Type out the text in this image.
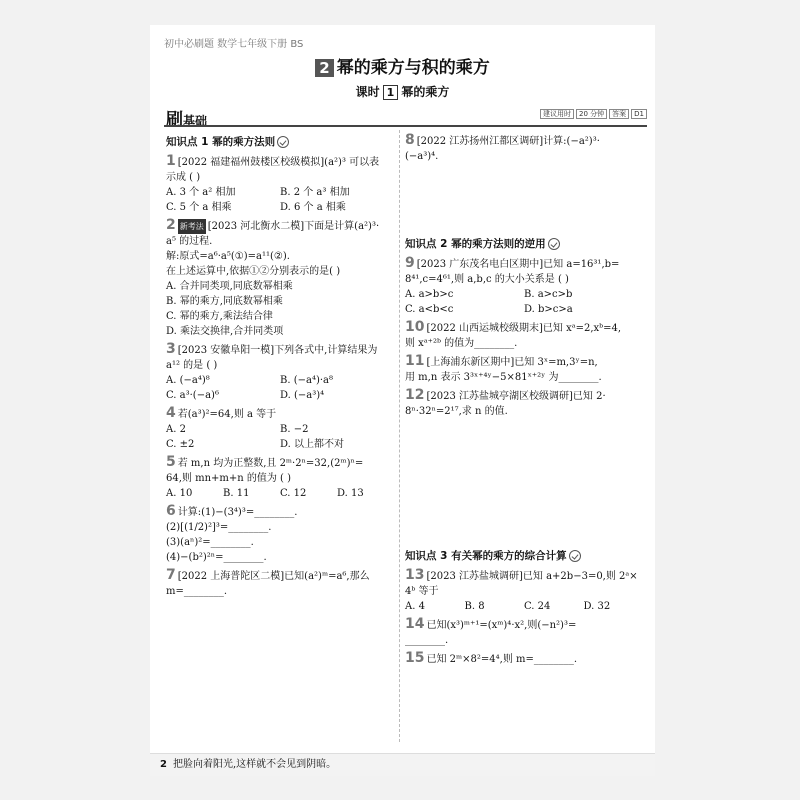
初中必刷题 数学七年级下册 BS
2 幂的乘方与积的乘方
课时 1 幂的乘方
刷基础	建议用时 20 分钟 答案 D1
知识点 1 幂的乘方法则
1 [2022 福建福州鼓楼区校级模拟](a²)³ 可以表
示成 ( )
A. 3 个 a² 相加	B. 2 个 a³ 相加
C. 5 个 a 相乘	D. 6 个 a 相乘
2 新考法 [2023 河北衡水二模]下面是计算(a²)³·
a⁵ 的过程.
解:原式=a⁶·a⁵(①)=a¹¹(②).
在上述运算中,依据①②分别表示的是( )
A. 合并同类项,同底数幂相乘
B. 幂的乘方,同底数幂相乘
C. 幂的乘方,乘法结合律
D. 乘法交换律,合并同类项
3 [2023 安徽阜阳一模]下列各式中,计算结果为
a¹² 的是 ( )
A. (−a⁴)⁸	B. (−a⁴)·a⁸
C. a³·(−a)⁶	D. (−a³)⁴
4 若(a³)²=64,则 a 等于
A. 2	B. −2
C. ±2	D. 以上都不对
5 若 m,n 均为正整数,且 2ᵐ·2ⁿ=32,(2ᵐ)ⁿ=
64,则 mn+m+n 的值为 ( )
A. 10	B. 11	C. 12	D. 13
6 计算:(1)−(3⁴)³=________.
(2)[(1/2)²]³=________.
(3)(aⁿ)²=________.
(4)−(b²)²ⁿ=________.
7 [2022 上海普陀区二模]已知(a²)ᵐ=a⁶,那么
m=________.
8 [2022 江苏扬州江都区调研]计算:(−a²)³·
(−a³)⁴.
知识点 2 幂的乘方法则的逆用
9 [2023 广东茂名电白区期中]已知 a=16³¹,b=
8⁴¹,c=4⁶¹,则 a,b,c 的大小关系是 ( )
A. a>b>c	B. a>c>b
C. a<b<c	D. b>c>a
10 [2022 山西运城校级期末]已知 xᵃ=2,xᵇ=4,
则 xᵃ⁺²ᵇ 的值为________.
11 [上海浦东新区期中]已知 3ˣ=m,3ʸ=n,
用 m,n 表示 3³ˣ⁺⁴ʸ−5×81ˣ⁺²ʸ 为________.
12 [2023 江苏盐城亭湖区校级调研]已知 2·
8ⁿ·32ⁿ=2¹⁷,求 n 的值.
知识点 3 有关幂的乘方的综合计算
13 [2023 江苏盐城调研]已知 a+2b−3=0,则 2ᵃ×
4ᵇ 等于
A. 4	B. 8	C. 24	D. 32
14 已知(x³)ᵐ⁺¹=(xᵐ)⁴·x²,则(−n²)³=
________.
15 已知 2ᵐ×8²=4⁴,则 m=________.
2 把脸向着阳光,这样就不会见到阴暗。
